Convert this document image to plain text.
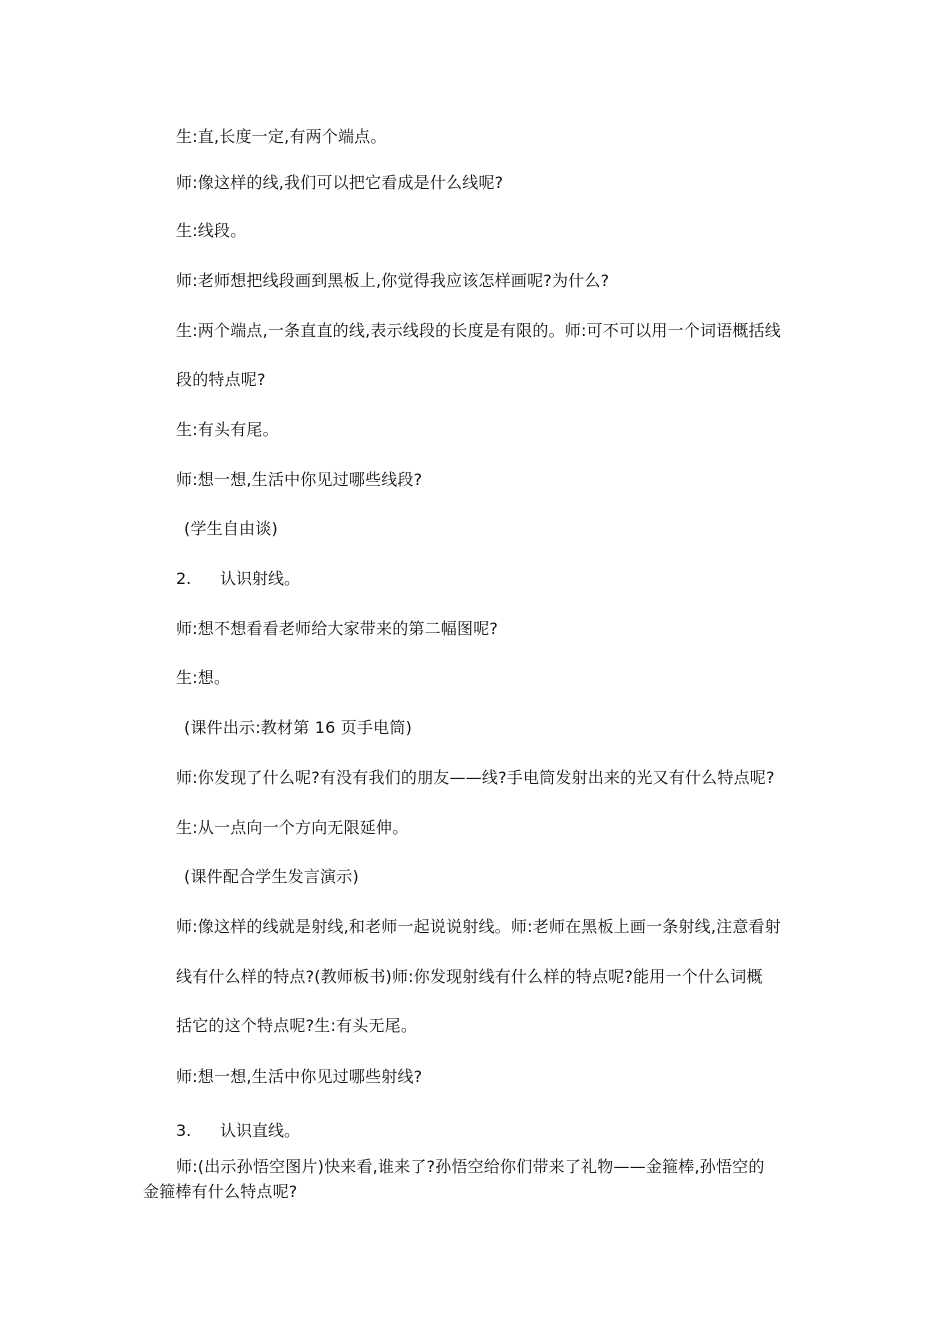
生:直,长度一定,有两个端点。
师:像这样的线,我们可以把它看成是什么线呢?
生:线段。
师:老师想把线段画到黑板上,你觉得我应该怎样画呢?为什么?
生:两个端点,一条直直的线,表示线段的长度是有限的。师:可不可以用一个词语概括线
段的特点呢?
生:有头有尾。
师:想一想,生活中你见过哪些线段?
(学生自由谈)
2. 认识射线。
师:想不想看看老师给大家带来的第二幅图呢?
生:想。
(课件出示:教材第 16 页手电筒)
师:你发现了什么呢?有没有我们的朋友——线?手电筒发射出来的光又有什么特点呢?
生:从一点向一个方向无限延伸。
(课件配合学生发言演示)
师:像这样的线就是射线,和老师一起说说射线。师:老师在黑板上画一条射线,注意看射
线有什么样的特点?(教师板书)师:你发现射线有什么样的特点呢?能用一个什么词概
括它的这个特点呢?生:有头无尾。
师:想一想,生活中你见过哪些射线?
3. 认识直线。
师:(出示孙悟空图片)快来看,谁来了?孙悟空给你们带来了礼物——金箍棒,孙悟空的
金箍棒有什么特点呢?
